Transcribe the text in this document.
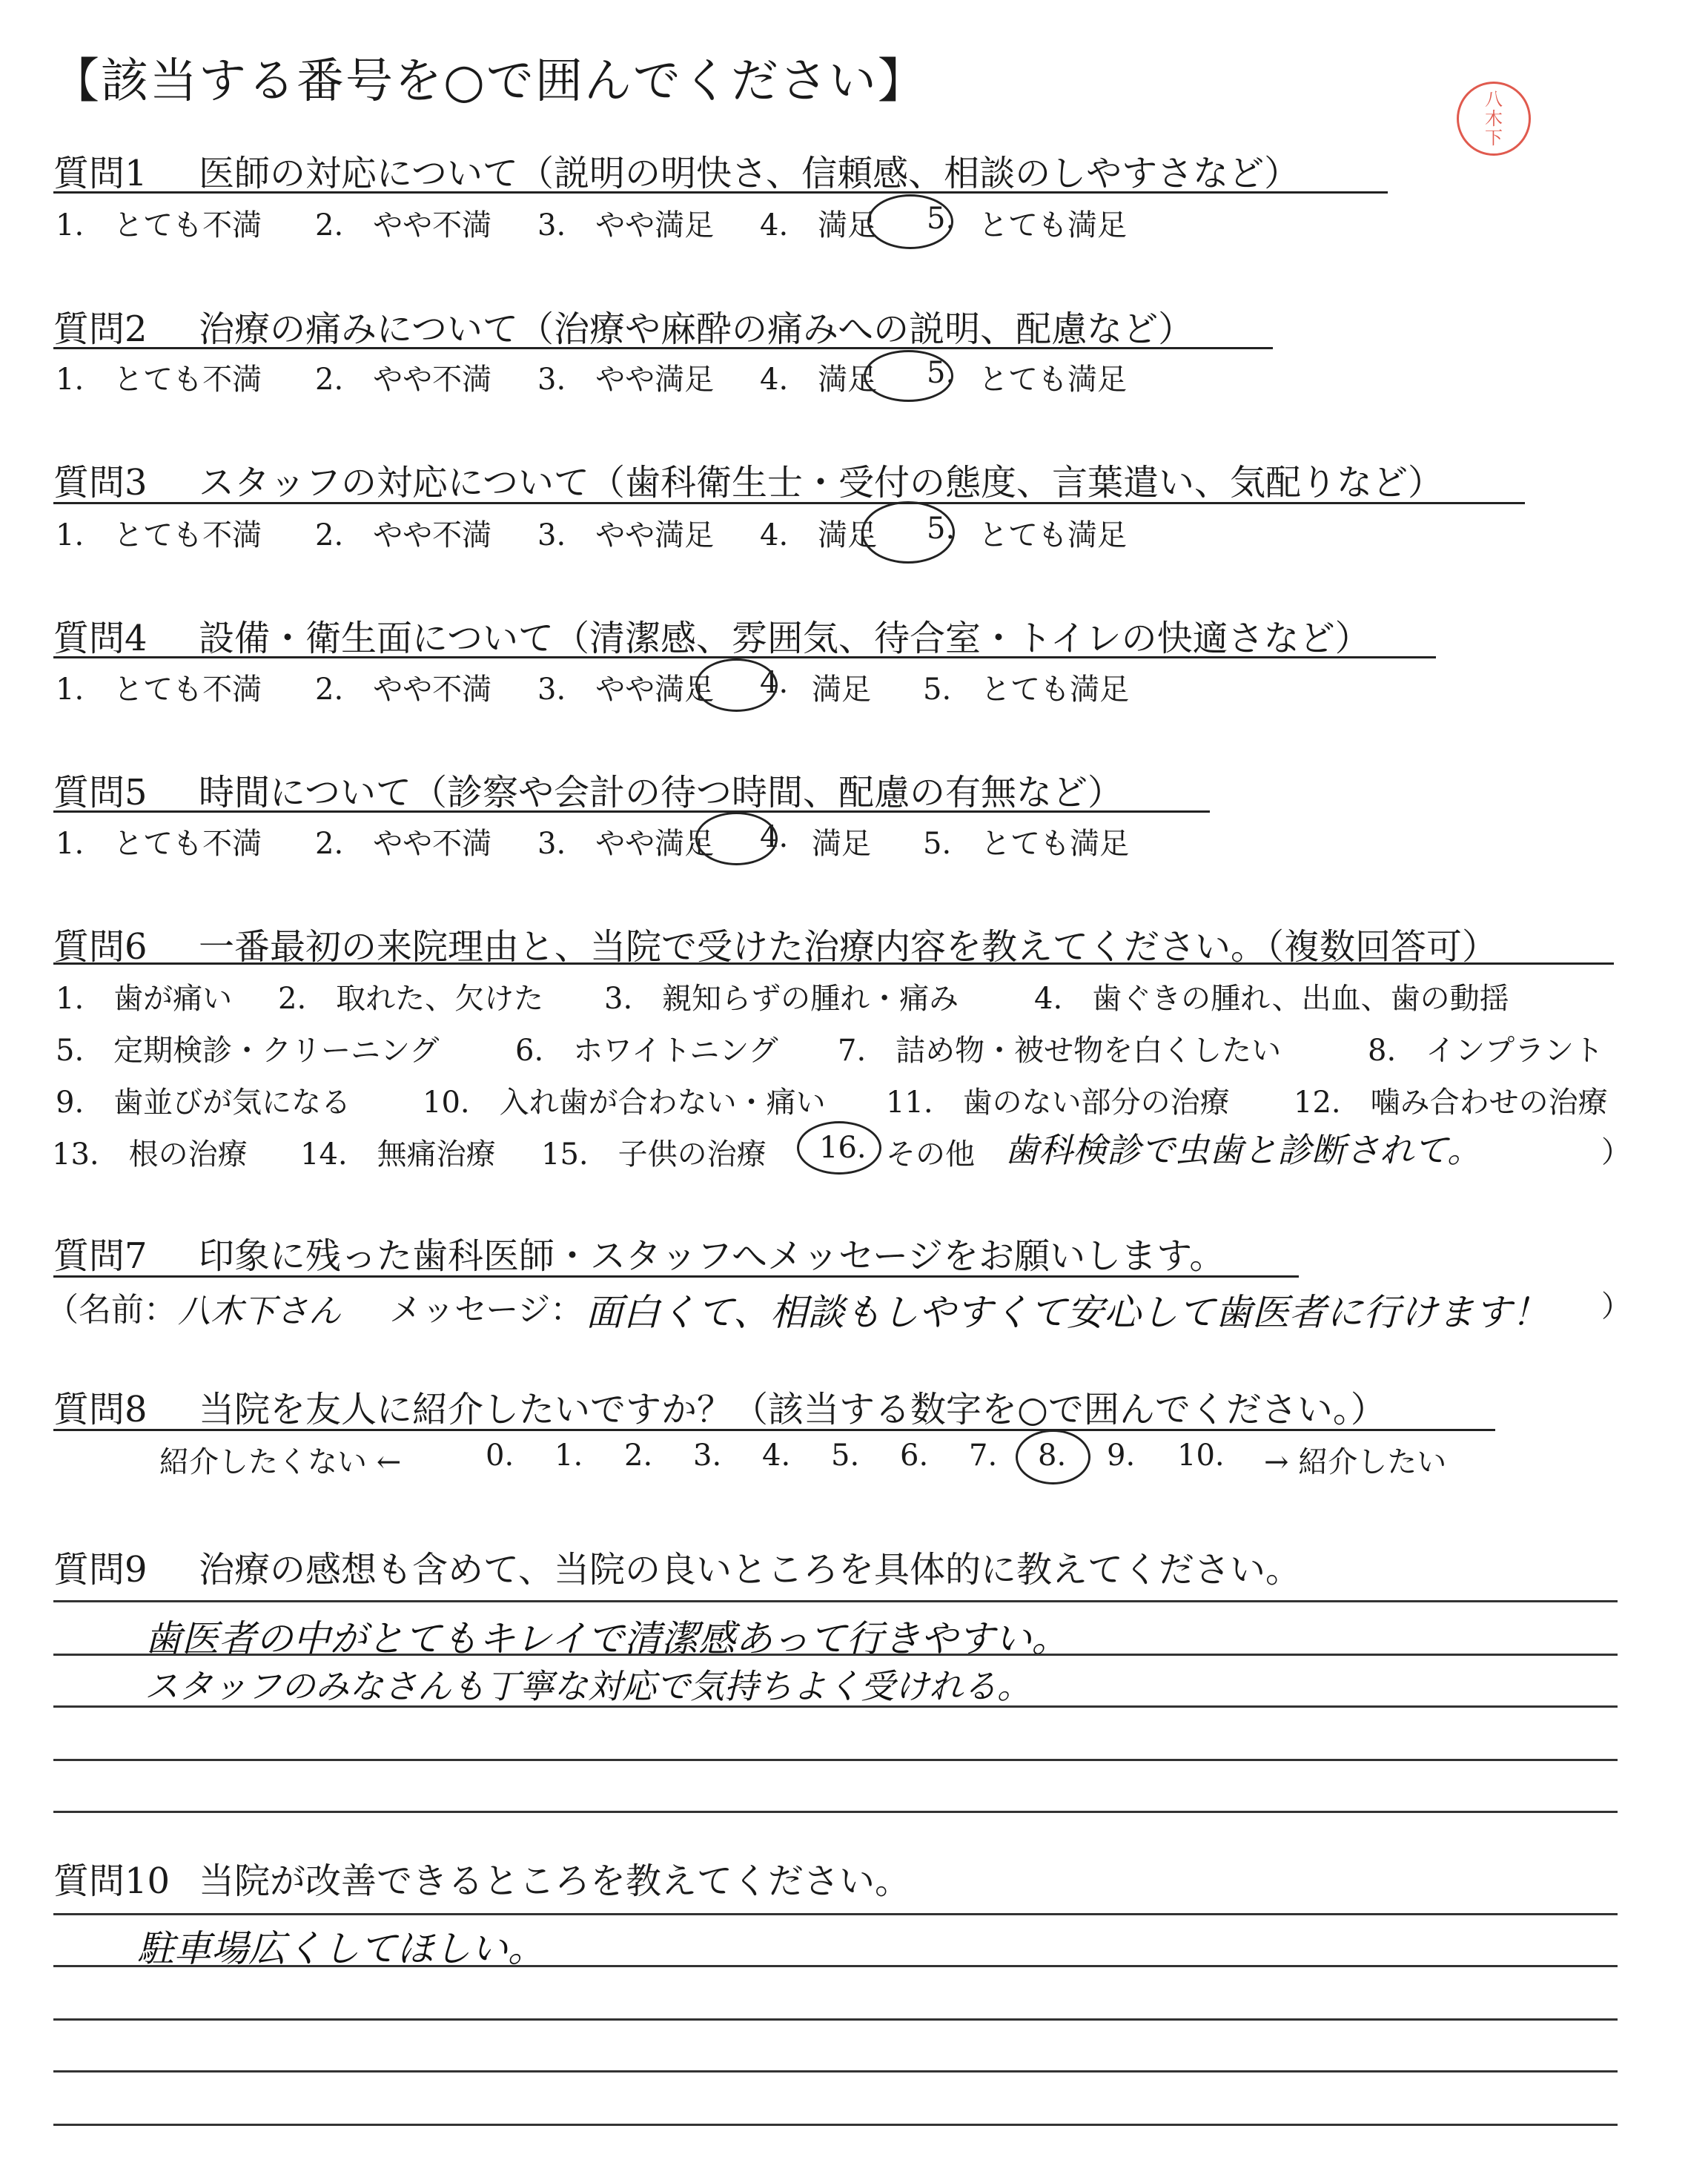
【該当する番号を○で囲んでください】	八木下
質問1 医師の対応について（説明の明快さ、信頼感、相談のしやすさなど）
1.　とても不満 2.　やや不満 3.　やや満足 4.　満足 5. とても満足
質問2 治療の痛みについて（治療や麻酔の痛みへの説明、配慮など）
1.　とても不満 2.　やや不満 3.　やや満足 4.　満足 5. とても満足
質問3 スタッフの対応について（歯科衛生士・受付の態度、言葉遣い、気配りなど）
1.　とても不満 2.　やや不満 3.　やや満足 4.　満足 5. とても満足
質問4 設備・衛生面について（清潔感、雰囲気、待合室・トイレの快適さなど）
1.　とても不満 2.　やや不満 3.　やや満足 4. 満足 5.　とても満足
質問5 時間について（診察や会計の待つ時間、配慮の有無など）
1.　とても不満 2.　やや不満 3.　やや満足 4. 満足 5.　とても満足
質問6 一番最初の来院理由と、当院で受けた治療内容を教えてください。（複数回答可）
1.　歯が痛い 2.　取れた、欠けた 3.　親知らずの腫れ・痛み	4.　歯ぐきの腫れ、出血、歯の動揺
5.　定期検診・クリーニング	6.　ホワイトニング 7.　詰め物・被せ物を白くしたい	8.　インプラント
9.　歯並びが気になる 10.　入れ歯が合わない・痛い 11.　歯のない部分の治療 12.　噛み合わせの治療
13.　根の治療 14.　無痛治療 15.　子供の治療 16. その他 歯科検診で虫歯と診断されて。	）
質問7 印象に残った歯科医師・スタッフへメッセージをお願いします。
（名前： 八木下さん メッセージ： 面白くて、相談もしやすくて安心して歯医者に行けます！ ）
質問8 当院を友人に紹介したいですか？（該当する数字を○で囲んでください。）
紹介したくない ←	0. 1. 2. 3. 4. 5. 6. 7. 8. 9. 10. → 紹介したい
質問9 治療の感想も含めて、当院の良いところを具体的に教えてください。
歯医者の中がとてもキレイで清潔感あって行きやすい。
スタッフのみなさんも丁寧な対応で気持ちよく受けれる。
質問10 当院が改善できるところを教えてください。
駐車場広くしてほしい。
